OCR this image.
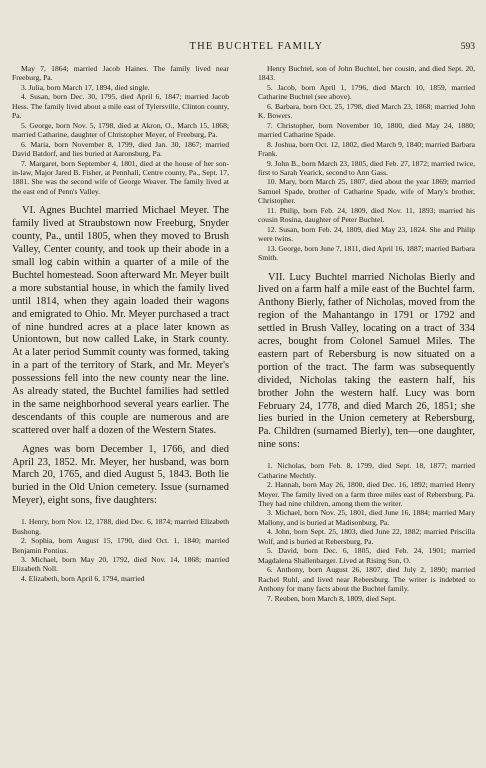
THE BUCHTEL FAMILY	593

May 7, 1864; married Jacob Haines. The family lived near Freeburg, Pa.

3. Julia, born March 17, 1894, died single.

4. Susan, born Dec. 30, 1795, died April 6, 1847; married Jacob Hess. The family lived about a mile east of Tylersville, Clinton county, Pa.

5. George, born Nov. 5, 1798, died at Akron, O., March 15, 1868; married Catharine, daughter of Christopher Meyer, of Freeburg, Pa.

6. Maria, born November 8, 1799, died Jan. 30, 1867; married David Batdorf, and lies buried at Aaronsburg, Pa.

7. Margaret, born September 4, 1801, died at the house of her son-in-law, Major Jared B. Fisher, at Pennhall, Centre county, Pa., Sept. 17, 1881. She was the second wife of George Weaver. The family lived at the east end of Penn's Valley.

VI. Agnes Buchtel married Michael Meyer. The family lived at Straubstown now Freeburg, Snyder county, Pa., until 1805, when they moved to Brush Valley, Center county, and took up their abode in a small log cabin within a quarter of a mile of the Buchtel homestead. Soon afterward Mr. Meyer built a more substantial house, in which the family lived until 1814, when they again loaded their wagons and emigrated to Ohio. Mr. Meyer purchased a tract of nine hundred acres at a place later known as Uniontown, but now called Lake, in Stark county. At a later period Summit county was formed, taking in a part of the territory of Stark, and Mr. Meyer's possessions fell into the new county near the line. As already stated, the Buchtel families had settled in the same neighborhood several years earlier. The descendants of this couple are numerous and are scattered over half a dozen of the Western States.

Agnes was born December 1, 1766, and died April 23, 1852. Mr. Meyer, her husband, was born March 20, 1765, and died August 5, 1843. Both lie buried in the Old Union cemetery. Issue (surnamed Meyer), eight sons, five daughters:

1. Henry, born Nov. 12, 1788, died Dec. 6, 1874; married Elizabeth Bushong.

2. Sophia, born August 15, 1790, died Oct. 1, 1840; married Benjamin Pontius.

3. Michael, born May 20, 1792, died Nov. 14, 1868; married Elizabeth Noll.

4. Elizabeth, born April 6, 1794, married

Henry Buchtel, son of John Buchtel, her cousin, and died Sept. 20, 1843.

5. Jacob, born April 1, 1796, died March 10, 1859, married Catharine Buchtel (see above).

6. Barbara, born Oct. 25, 1798, died March 23, 1868; married John K. Bowers.

7. Christopher, born November 10, 1800, died May 24, 1880; married Catharine Spade.

8. Joshua, born Oct. 12, 1802, died March 9, 1840; married Barbara Frank.

9. John B., born March 23, 1805, died Feb. 27, 1872; married twice, first to Sarah Yearick, second to Ann Gass.

10. Mary, born March 25, 1807, died about the year 1869; married Samuel Spade, brother of Catharine Spade, wife of Mary's brother, Christopher.

11. Philip, born Feb. 24, 1809, died Nov. 11, 1893; married his cousin Rosina, daughter of Peter Buchtel.

12. Susan, born Feb. 24, 1809, died May 23, 1824. She and Philip were twins.

13. George, born June 7, 1811, died April 16, 1887; married Barbara Smith.

VII. Lucy Buchtel married Nicholas Bierly and lived on a farm half a mile east of the Buchtel farm. Anthony Bierly, father of Nicholas, moved from the region of the Mahantango in 1791 or 1792 and settled in Brush Valley, locating on a tract of 334 acres, bought from Colonel Samuel Miles. The eastern part of Rebersburg is now situated on a portion of the tract. The farm was subsequently divided, Nicholas taking the eastern half, his brother John the western half. Lucy was born February 24, 1778, and died March 26, 1851; she lies buried in the Union cemetery at Rebersburg, Pa. Children (surnamed Bierly), ten—one daughter, nine sons:

1. Nicholas, born Feb. 8, 1799, died Sept. 18, 1877; married Catharine Mechtly.

2. Hannah, born May 26, 1800, died Dec. 16, 1892; married Henry Meyer. The family lived on a farm three miles east of Rebersburg, Pa. They had nine children, among them the writer.

3. Michael, born Nov. 25, 1801, died June 16, 1884; married Mary Mallony, and is buried at Madisonburg, Pa.

4. John, born Sept. 25, 1803, died June 22, 1882; married Priscilla Wolf, and is buried at Rebersburg, Pa.

5. David, born Dec. 6, 1805, died Feb. 24, 1901; married Magdalena Shallenbarger. Lived at Rising Sun, O.

6. Anthony, born August 26, 1807, died July 2, 1890; married Rachel Ruhl, and lived near Rebersburg. The writer is indebted to Anthony for many facts about the Buchtel family.

7. Reuben, born March 8, 1809, died Sept.
